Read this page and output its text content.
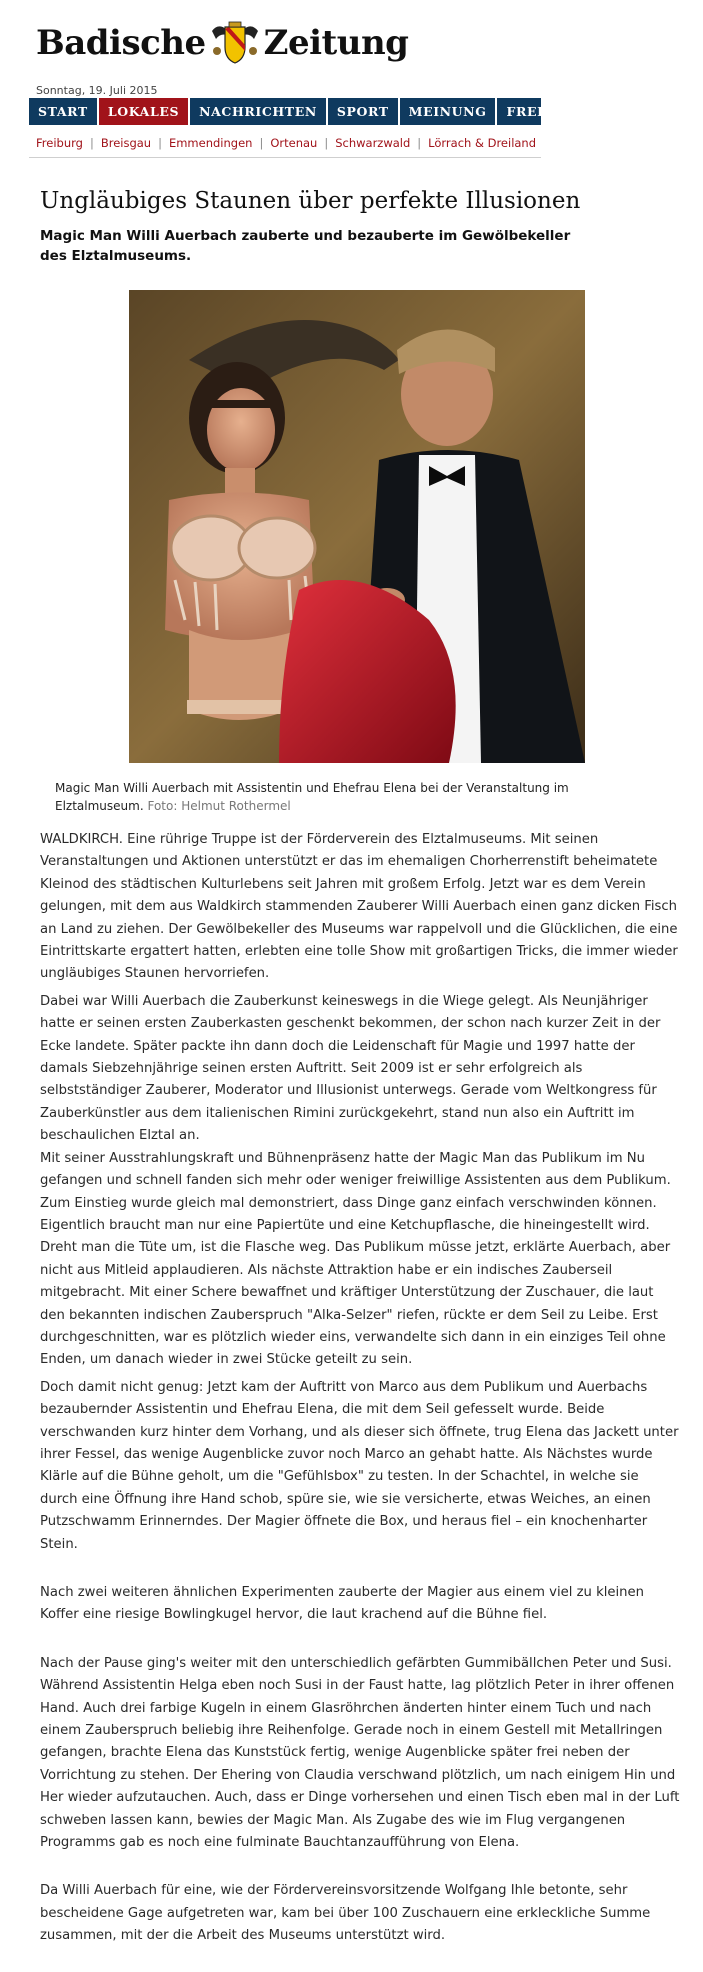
Badische Zeitung
Sonntag, 19. Juli 2015
START	LOKALES	NACHRICHTEN	SPORT	MEINUNG	FREIZEIT
Freiburg | Breisgau | Emmendingen | Ortenau | Schwarzwald | Lörrach & Dreiland
Ungläubiges Staunen über perfekte Illusionen

Magic Man Willi Auerbach zauberte und bezauberte im Gewölbekeller des Elztalmuseums.

Magic Man Willi Auerbach mit Assistentin und Ehefrau Elena bei der Veranstaltung im Elztalmuseum. Foto: Helmut Rothermel

WALDKIRCH. Eine rührige Truppe ist der Förderverein des Elztalmuseums. Mit seinen Veranstaltungen und Aktionen unterstützt er das im ehemaligen Chorherrenstift beheimatete Kleinod des städtischen Kulturlebens seit Jahren mit großem Erfolg. Jetzt war es dem Verein gelungen, mit dem aus Waldkirch stammenden Zauberer Willi Auerbach einen ganz dicken Fisch an Land zu ziehen. Der Gewölbekeller des Museums war rappelvoll und die Glücklichen, die eine Eintrittskarte ergattert hatten, erlebten eine tolle Show mit großartigen Tricks, die immer wieder ungläubiges Staunen hervorriefen.

Dabei war Willi Auerbach die Zauberkunst keineswegs in die Wiege gelegt. Als Neunjähriger hatte er seinen ersten Zauberkasten geschenkt bekommen, der schon nach kurzer Zeit in der Ecke landete. Später packte ihn dann doch die Leidenschaft für Magie und 1997 hatte der damals Siebzehnjährige seinen ersten Auftritt. Seit 2009 ist er sehr erfolgreich als selbstständiger Zauberer, Moderator und Illusionist unterwegs. Gerade vom Weltkongress für Zauberkünstler aus dem italienischen Rimini zurückgekehrt, stand nun also ein Auftritt im beschaulichen Elztal an.

Mit seiner Ausstrahlungskraft und Bühnenpräsenz hatte der Magic Man das Publikum im Nu gefangen und schnell fanden sich mehr oder weniger freiwillige Assistenten aus dem Publikum. Zum Einstieg wurde gleich mal demonstriert, dass Dinge ganz einfach verschwinden können. Eigentlich braucht man nur eine Papiertüte und eine Ketchupflasche, die hineingestellt wird. Dreht man die Tüte um, ist die Flasche weg. Das Publikum müsse jetzt, erklärte Auerbach, aber nicht aus Mitleid applaudieren. Als nächste Attraktion habe er ein indisches Zauberseil mitgebracht. Mit einer Schere bewaffnet und kräftiger Unterstützung der Zuschauer, die laut den bekannten indischen Zauberspruch "Alka-Selzer" riefen, rückte er dem Seil zu Leibe. Erst durchgeschnitten, war es plötzlich wieder eins, verwandelte sich dann in ein einziges Teil ohne Enden, um danach wieder in zwei Stücke geteilt zu sein.

Doch damit nicht genug: Jetzt kam der Auftritt von Marco aus dem Publikum und Auerbachs bezaubernder Assistentin und Ehefrau Elena, die mit dem Seil gefesselt wurde. Beide verschwanden kurz hinter dem Vorhang, und als dieser sich öffnete, trug Elena das Jackett unter ihrer Fessel, das wenige Augenblicke zuvor noch Marco an gehabt hatte. Als Nächstes wurde Klärle auf die Bühne geholt, um die "Gefühlsbox" zu testen. In der Schachtel, in welche sie durch eine Öffnung ihre Hand schob, spüre sie, wie sie versicherte, etwas Weiches, an einen Putzschwamm Erinnerndes. Der Magier öffnete die Box, und heraus fiel – ein knochenharter Stein.

Nach zwei weiteren ähnlichen Experimenten zauberte der Magier aus einem viel zu kleinen Koffer eine riesige Bowlingkugel hervor, die laut krachend auf die Bühne fiel.

Nach der Pause ging's weiter mit den unterschiedlich gefärbten Gummibällchen Peter und Susi. Während Assistentin Helga eben noch Susi in der Faust hatte, lag plötzlich Peter in ihrer offenen Hand. Auch drei farbige Kugeln in einem Glasröhrchen änderten hinter einem Tuch und nach einem Zauberspruch beliebig ihre Reihenfolge. Gerade noch in einem Gestell mit Metallringen gefangen, brachte Elena das Kunststück fertig, wenige Augenblicke später frei neben der Vorrichtung zu stehen. Der Ehering von Claudia verschwand plötzlich, um nach einigem Hin und Her wieder aufzutauchen. Auch, dass er Dinge vorhersehen und einen Tisch eben mal in der Luft schweben lassen kann, bewies der Magic Man. Als Zugabe des wie im Flug vergangenen Programms gab es noch eine fulminate Bauchtanzaufführung von Elena.

Da Willi Auerbach für eine, wie der Fördervereinsvorsitzende Wolfgang Ihle betonte, sehr bescheidene Gage aufgetreten war, kam bei über 100 Zuschauern eine erkleckliche Summe zusammen, mit der die Arbeit des Museums unterstützt wird.
